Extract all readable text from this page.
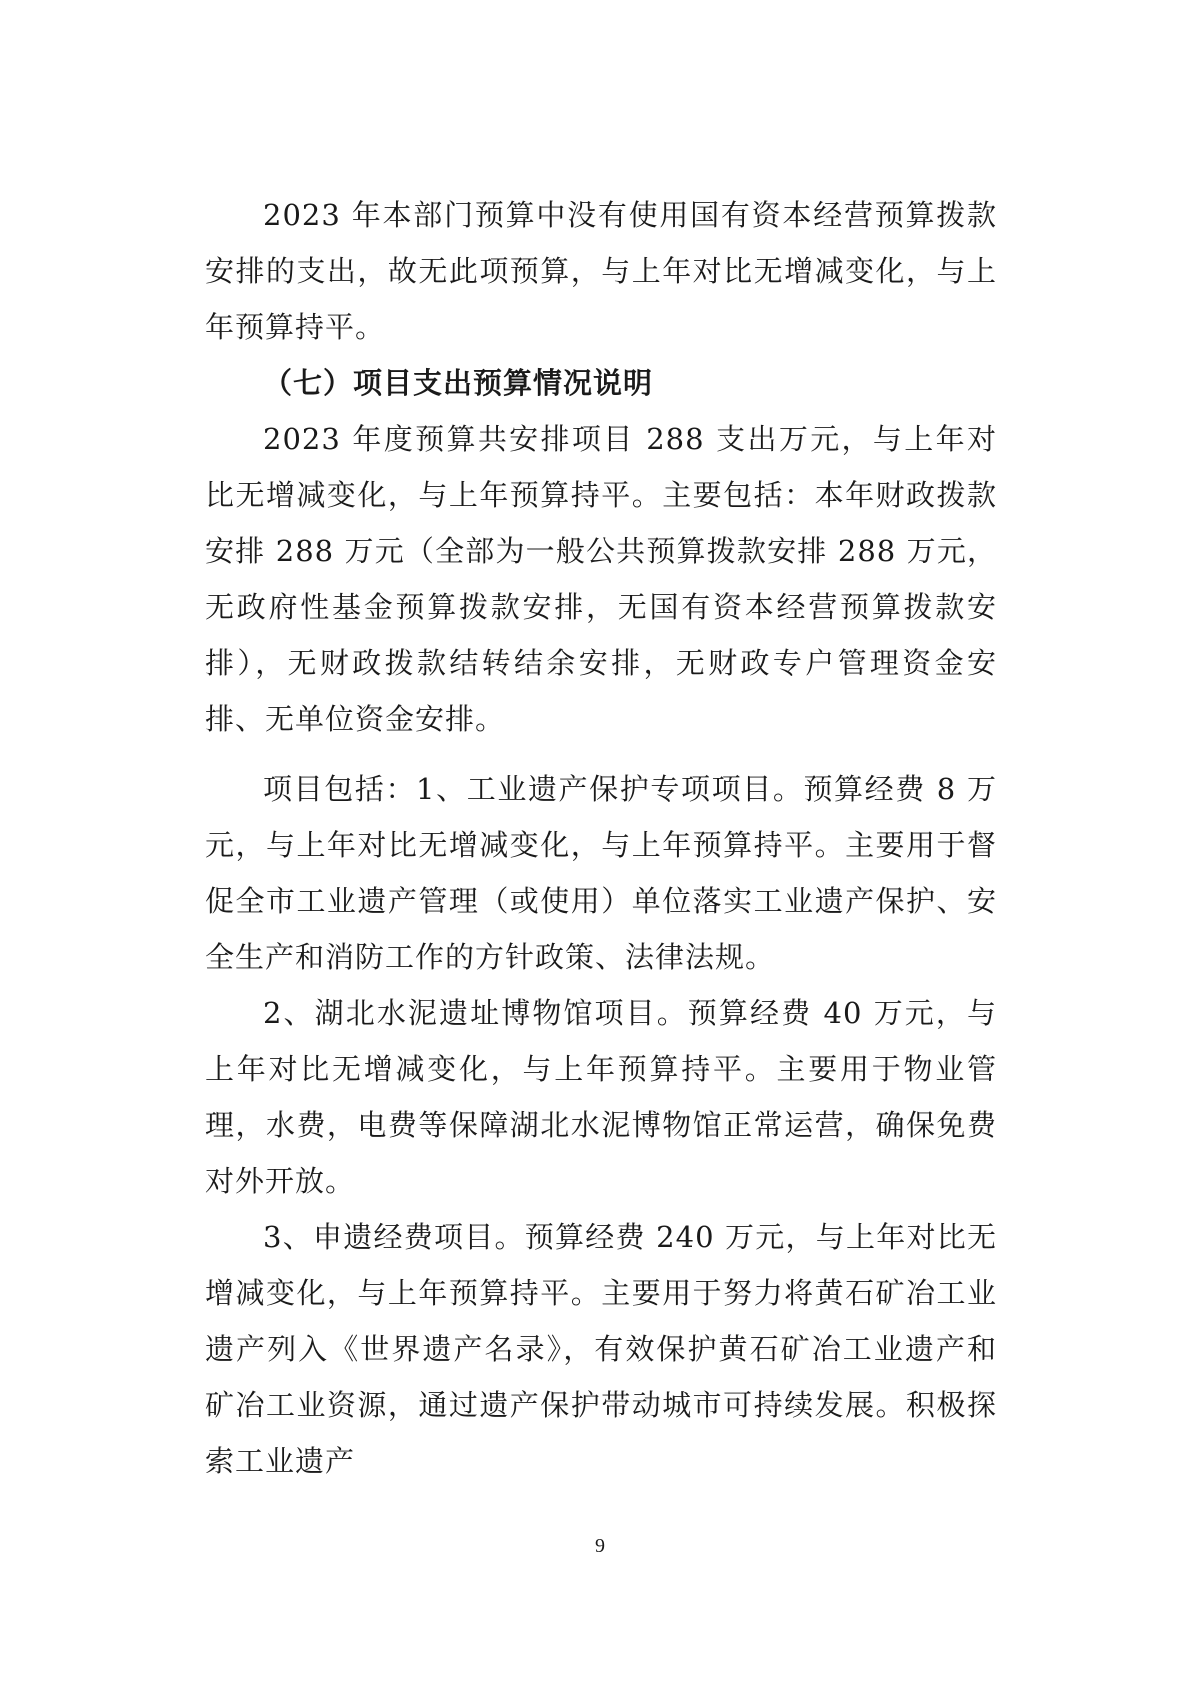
2023 年本部门预算中没有使用国有资本经营预算拨款安排的支出，故无此项预算，与上年对比无增减变化，与上年预算持平。

（七）项目支出预算情况说明

2023 年度预算共安排项目 288 支出万元，与上年对比无增减变化，与上年预算持平。主要包括：本年财政拨款安排 288 万元（全部为一般公共预算拨款安排 288 万元，无政府性基金预算拨款安排，无国有资本经营预算拨款安排），无财政拨款结转结余安排，无财政专户管理资金安排、无单位资金安排。

项目包括：1、工业遗产保护专项项目。预算经费 8 万元，与上年对比无增减变化，与上年预算持平。主要用于督促全市工业遗产管理（或使用）单位落实工业遗产保护、安全生产和消防工作的方针政策、法律法规。

2、湖北水泥遗址博物馆项目。预算经费 40 万元，与上年对比无增减变化，与上年预算持平。主要用于物业管理，水费，电费等保障湖北水泥博物馆正常运营，确保免费对外开放。

3、申遗经费项目。预算经费 240 万元，与上年对比无增减变化，与上年预算持平。主要用于努力将黄石矿冶工业遗产列入《世界遗产名录》，有效保护黄石矿冶工业遗产和矿冶工业资源，通过遗产保护带动城市可持续发展。积极探索工业遗产

9
